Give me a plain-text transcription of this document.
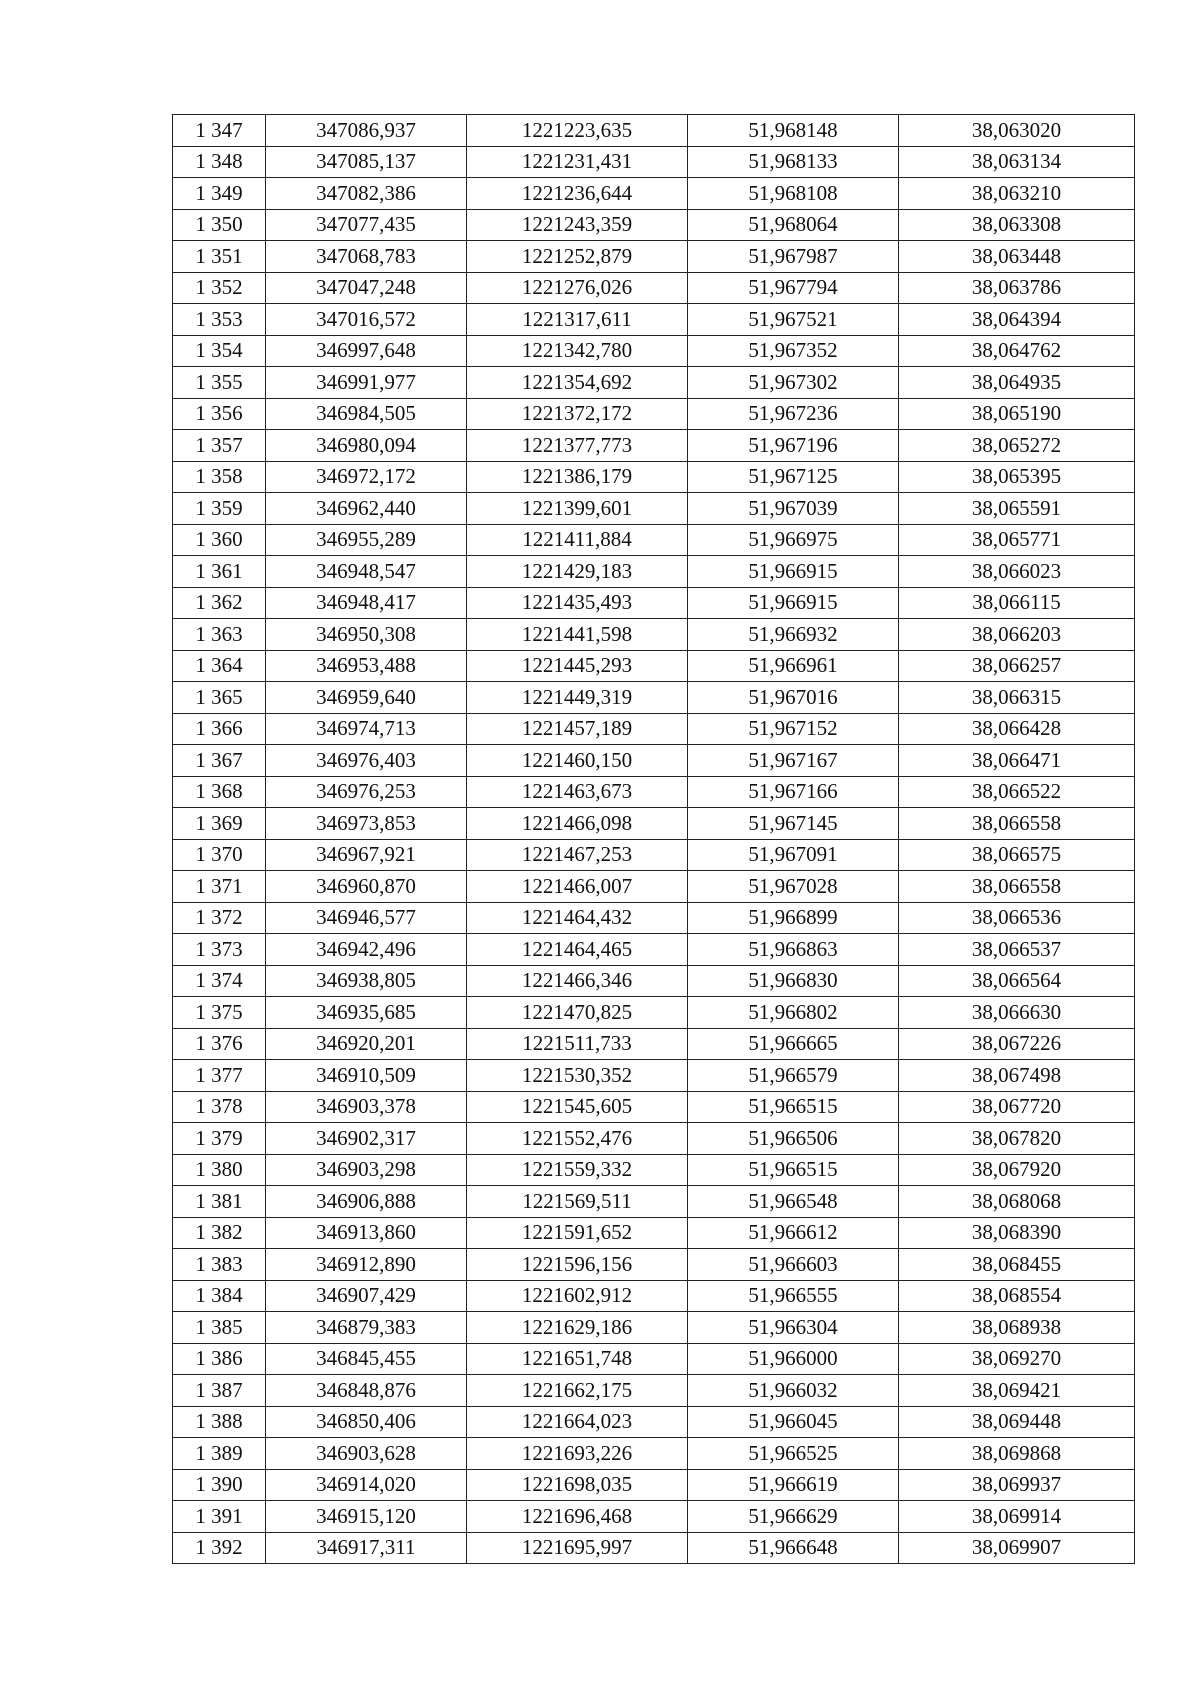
1 347	347086,937	1221223,635	51,968148	38,063020
1 348	347085,137	1221231,431	51,968133	38,063134
1 349	347082,386	1221236,644	51,968108	38,063210
1 350	347077,435	1221243,359	51,968064	38,063308
1 351	347068,783	1221252,879	51,967987	38,063448
1 352	347047,248	1221276,026	51,967794	38,063786
1 353	347016,572	1221317,611	51,967521	38,064394
1 354	346997,648	1221342,780	51,967352	38,064762
1 355	346991,977	1221354,692	51,967302	38,064935
1 356	346984,505	1221372,172	51,967236	38,065190
1 357	346980,094	1221377,773	51,967196	38,065272
1 358	346972,172	1221386,179	51,967125	38,065395
1 359	346962,440	1221399,601	51,967039	38,065591
1 360	346955,289	1221411,884	51,966975	38,065771
1 361	346948,547	1221429,183	51,966915	38,066023
1 362	346948,417	1221435,493	51,966915	38,066115
1 363	346950,308	1221441,598	51,966932	38,066203
1 364	346953,488	1221445,293	51,966961	38,066257
1 365	346959,640	1221449,319	51,967016	38,066315
1 366	346974,713	1221457,189	51,967152	38,066428
1 367	346976,403	1221460,150	51,967167	38,066471
1 368	346976,253	1221463,673	51,967166	38,066522
1 369	346973,853	1221466,098	51,967145	38,066558
1 370	346967,921	1221467,253	51,967091	38,066575
1 371	346960,870	1221466,007	51,967028	38,066558
1 372	346946,577	1221464,432	51,966899	38,066536
1 373	346942,496	1221464,465	51,966863	38,066537
1 374	346938,805	1221466,346	51,966830	38,066564
1 375	346935,685	1221470,825	51,966802	38,066630
1 376	346920,201	1221511,733	51,966665	38,067226
1 377	346910,509	1221530,352	51,966579	38,067498
1 378	346903,378	1221545,605	51,966515	38,067720
1 379	346902,317	1221552,476	51,966506	38,067820
1 380	346903,298	1221559,332	51,966515	38,067920
1 381	346906,888	1221569,511	51,966548	38,068068
1 382	346913,860	1221591,652	51,966612	38,068390
1 383	346912,890	1221596,156	51,966603	38,068455
1 384	346907,429	1221602,912	51,966555	38,068554
1 385	346879,383	1221629,186	51,966304	38,068938
1 386	346845,455	1221651,748	51,966000	38,069270
1 387	346848,876	1221662,175	51,966032	38,069421
1 388	346850,406	1221664,023	51,966045	38,069448
1 389	346903,628	1221693,226	51,966525	38,069868
1 390	346914,020	1221698,035	51,966619	38,069937
1 391	346915,120	1221696,468	51,966629	38,069914
1 392	346917,311	1221695,997	51,966648	38,069907
